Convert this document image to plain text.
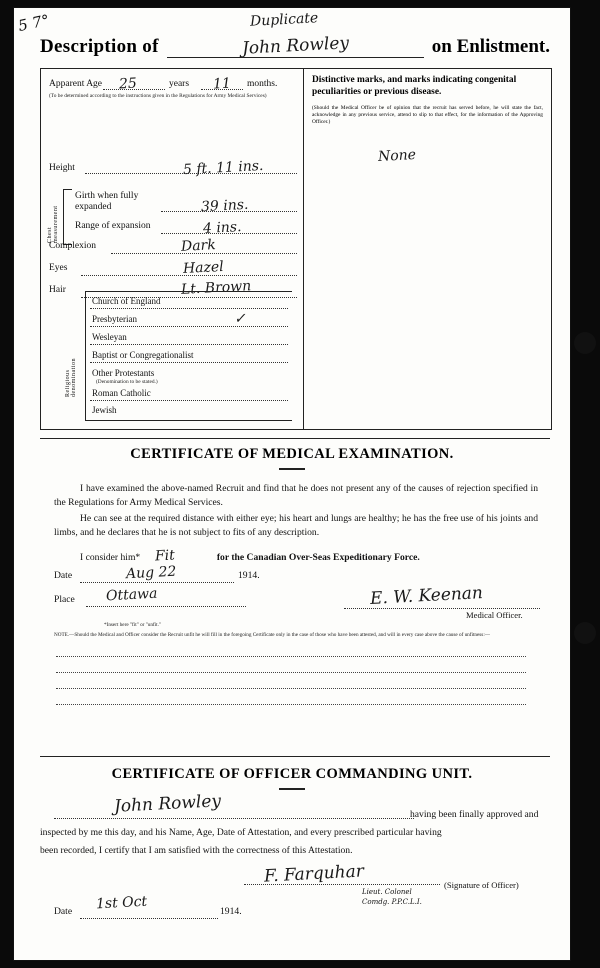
5 7°	Duplicate
Description of	John Rowley	on Enlistment.
Apparent Age 25	years 11 months.
(To be determined according to the instructions given in the Regulations for Army Medical Services)
Height	5 ft. 11 ins.
Chest measurement
Girth when fully expanded	39 ins.
Range of expansion	4 ins.
Complexion	Dark
Eyes	Hazel
Hair	Lt. Brown
Religious denomination
Church of England
Presbyterian	✓
Wesleyan
Baptist or Congregationalist
Other Protestants
(Denomination to be stated.)
Roman Catholic
Jewish
Distinctive marks, and marks indicating congenital peculiarities or previous disease.
(Should the Medical Officer be of opinion that the recruit has served before, he will state the fact, acknowledge in any previous service, attend to slip to that effect, for the information of the Approving Officer.)
None
CERTIFICATE OF MEDICAL EXAMINATION.
I have examined the above-named Recruit and find that he does not present any of the causes of rejection specified in the Regulations for Army Medical Services.
He can see at the required distance with either eye; his heart and lungs are healthy; he has the free use of his joints and limbs, and he declares that he is not subject to fits of any description.
I consider him* Fit	for the Canadian Over-Seas Expeditionary Force.
Date	Aug 22	1914.
Place Ottawa	E. W. Keenan
Medical Officer.
*Insert here "fit" or "unfit."
NOTE.—Should the Medical and Officer consider the Recruit unfit he will fill in the foregoing Certificate only in the case of those who have been attested, and will in every case above the cause of unfitness:—
CERTIFICATE OF OFFICER COMMANDING UNIT.
John Rowley	having been finally approved and
inspected by me this day, and his Name, Age, Date of Attestation, and every prescribed particular having
been recorded, I certify that I am satisfied with the correctness of this Attestation.
F. Farquhar	(Signature of Officer)
Lieut. Colonel
Comdg. P.P.C.L.I.
Date 1st Oct	1914.
